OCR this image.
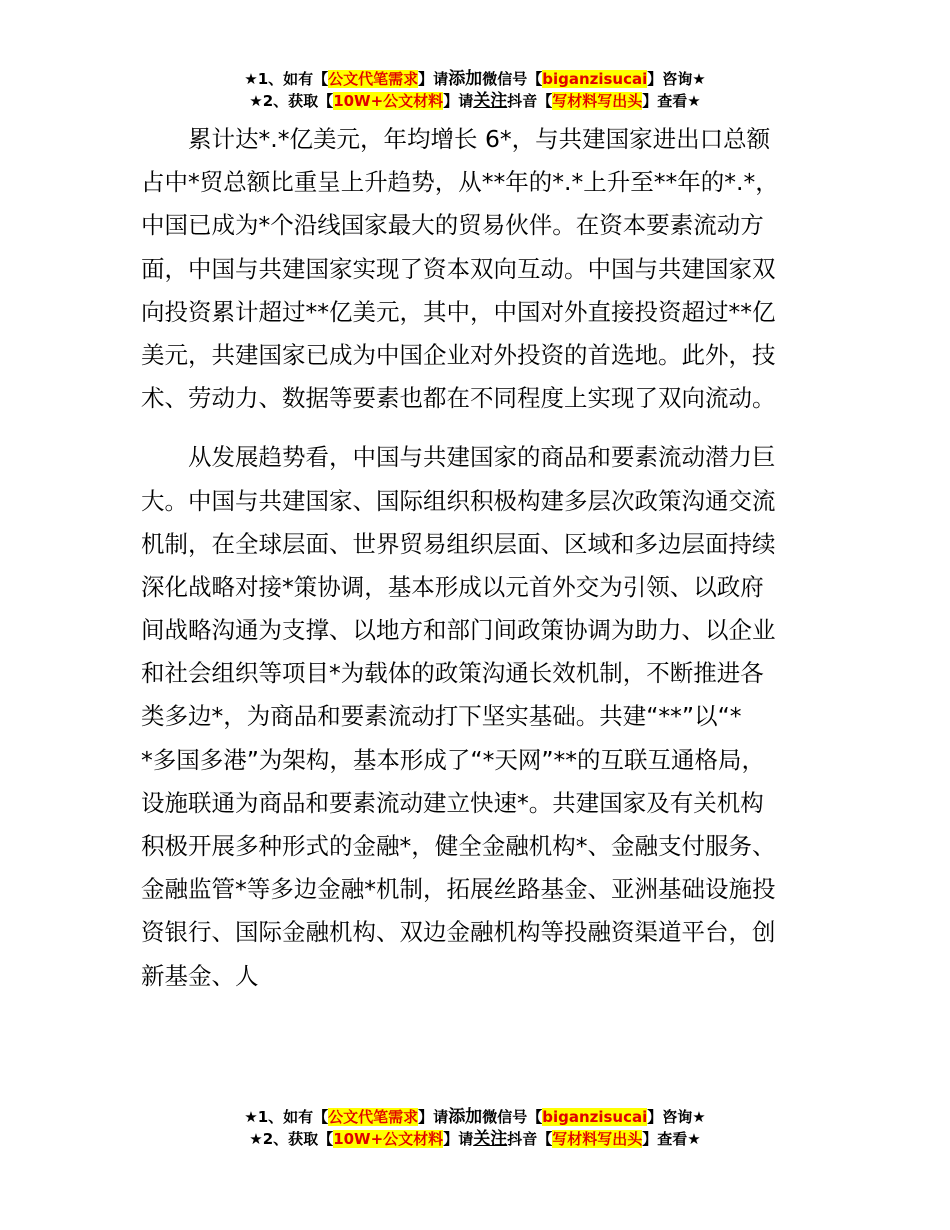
★1、如有【公文代笔需求】请添加微信号【biganzisucai】咨询★
★2、获取【10W+公文材料】请关注抖音【写材料写出头】查看★
累计达*.*亿美元，年均增长 6*，与共建国家进出口总额
占中*贸总额比重呈上升趋势，从**年的*.*上升至**年的*.*，
中国已成为*个沿线国家最大的贸易伙伴。在资本要素流动方
面，中国与共建国家实现了资本双向互动。中国与共建国家双
向投资累计超过**亿美元，其中，中国对外直接投资超过**亿
美元，共建国家已成为中国企业对外投资的首选地。此外，技
术、劳动力、数据等要素也都在不同程度上实现了双向流动。
从发展趋势看，中国与共建国家的商品和要素流动潜力巨
大。中国与共建国家、国际组织积极构建多层次政策沟通交流
机制，在全球层面、世界贸易组织层面、区域和多边层面持续
深化战略对接*策协调，基本形成以元首外交为引领、以政府
间战略沟通为支撑、以地方和部门间政策协调为助力、以企业
和社会组织等项目*为载体的政策沟通长效机制，不断推进各
类多边*，为商品和要素流动打下坚实基础。共建“**”以“*
*多国多港”为架构，基本形成了“*天网”**的互联互通格局，
设施联通为商品和要素流动建立快速*。共建国家及有关机构
积极开展多种形式的金融*，健全金融机构*、金融支付服务、
金融监管*等多边金融*机制，拓展丝路基金、亚洲基础设施投
资银行、国际金融机构、双边金融机构等投融资渠道平台，创
新基金、人
★1、如有【公文代笔需求】请添加微信号【biganzisucai】咨询★
★2、获取【10W+公文材料】请关注抖音【写材料写出头】查看★
